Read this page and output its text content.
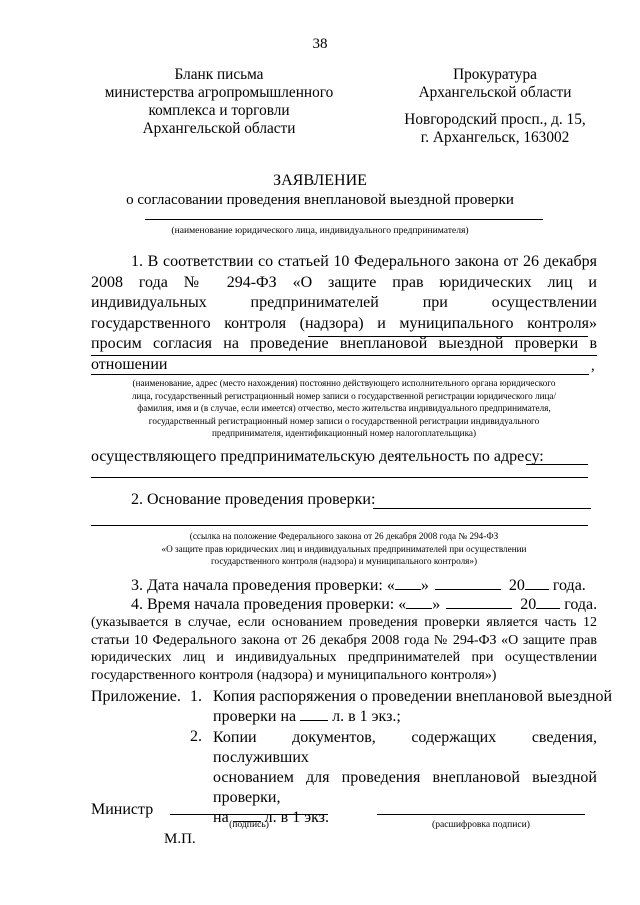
38
Бланк письма
министерства агропромышленного
комплекса и торговли
Архангельской области
Прокуратура
Архангельской области
Новгородский просп., д. 15,
г. Архангельск, 163002
ЗАЯВЛЕНИЕ
о согласовании проведения внеплановой выездной проверки
(наименование юридического лица, индивидуального предпринимателя)
1. В соответствии со статьей 10 Федерального закона от 26 декабря 2008 года № 294-ФЗ «О защите прав юридических лиц и индивидуальных предпринимателей при осуществлении государственного контроля (надзора) и муниципального контроля» просим согласия на проведение внеплановой выездной проверки в отношении	,
(наименование, адрес (место нахождения) постоянно действующего исполнительного органа юридического
лица, государственный регистрационный номер записи о государственной регистрации юридического лица/
фамилия, имя и (в случае, если имеется) отчество, место жительства индивидуального предпринимателя,
государственный регистрационный номер записи о государственной регистрации индивидуального
предпринимателя, идентификационный номер налогоплательщика)
осуществляющего предпринимательскую деятельность по адресу:
2. Основание проведения проверки:
(ссылка на положение Федерального закона от 26 декабря 2008 года № 294-ФЗ
«О защите прав юридических лиц и индивидуальных предпринимателей при осуществлении
государственного контроля (надзора) и муниципального контроля»)
3. Дата начала проведения проверки: « »	20 года.
4. Время начала проведения проверки: « »	20 года.
(указывается в случае, если основанием проведения проверки является часть 12 статьи 10 Федерального закона от 26 декабря 2008 года № 294-ФЗ «О защите прав юридических лиц и индивидуальных предпринимателей при осуществлении государственного контроля (надзора) и муниципального контроля»)
Приложение. 1. Копия распоряжения о проведении внеплановой выездной
проверки на л. в 1 экз.;
2. Копии документов, содержащих сведения, послуживших
основанием для проведения внеплановой выездной проверки,
на л. в 1 экз.
Министр
(подпись)	(расшифровка подписи)
М.П.
